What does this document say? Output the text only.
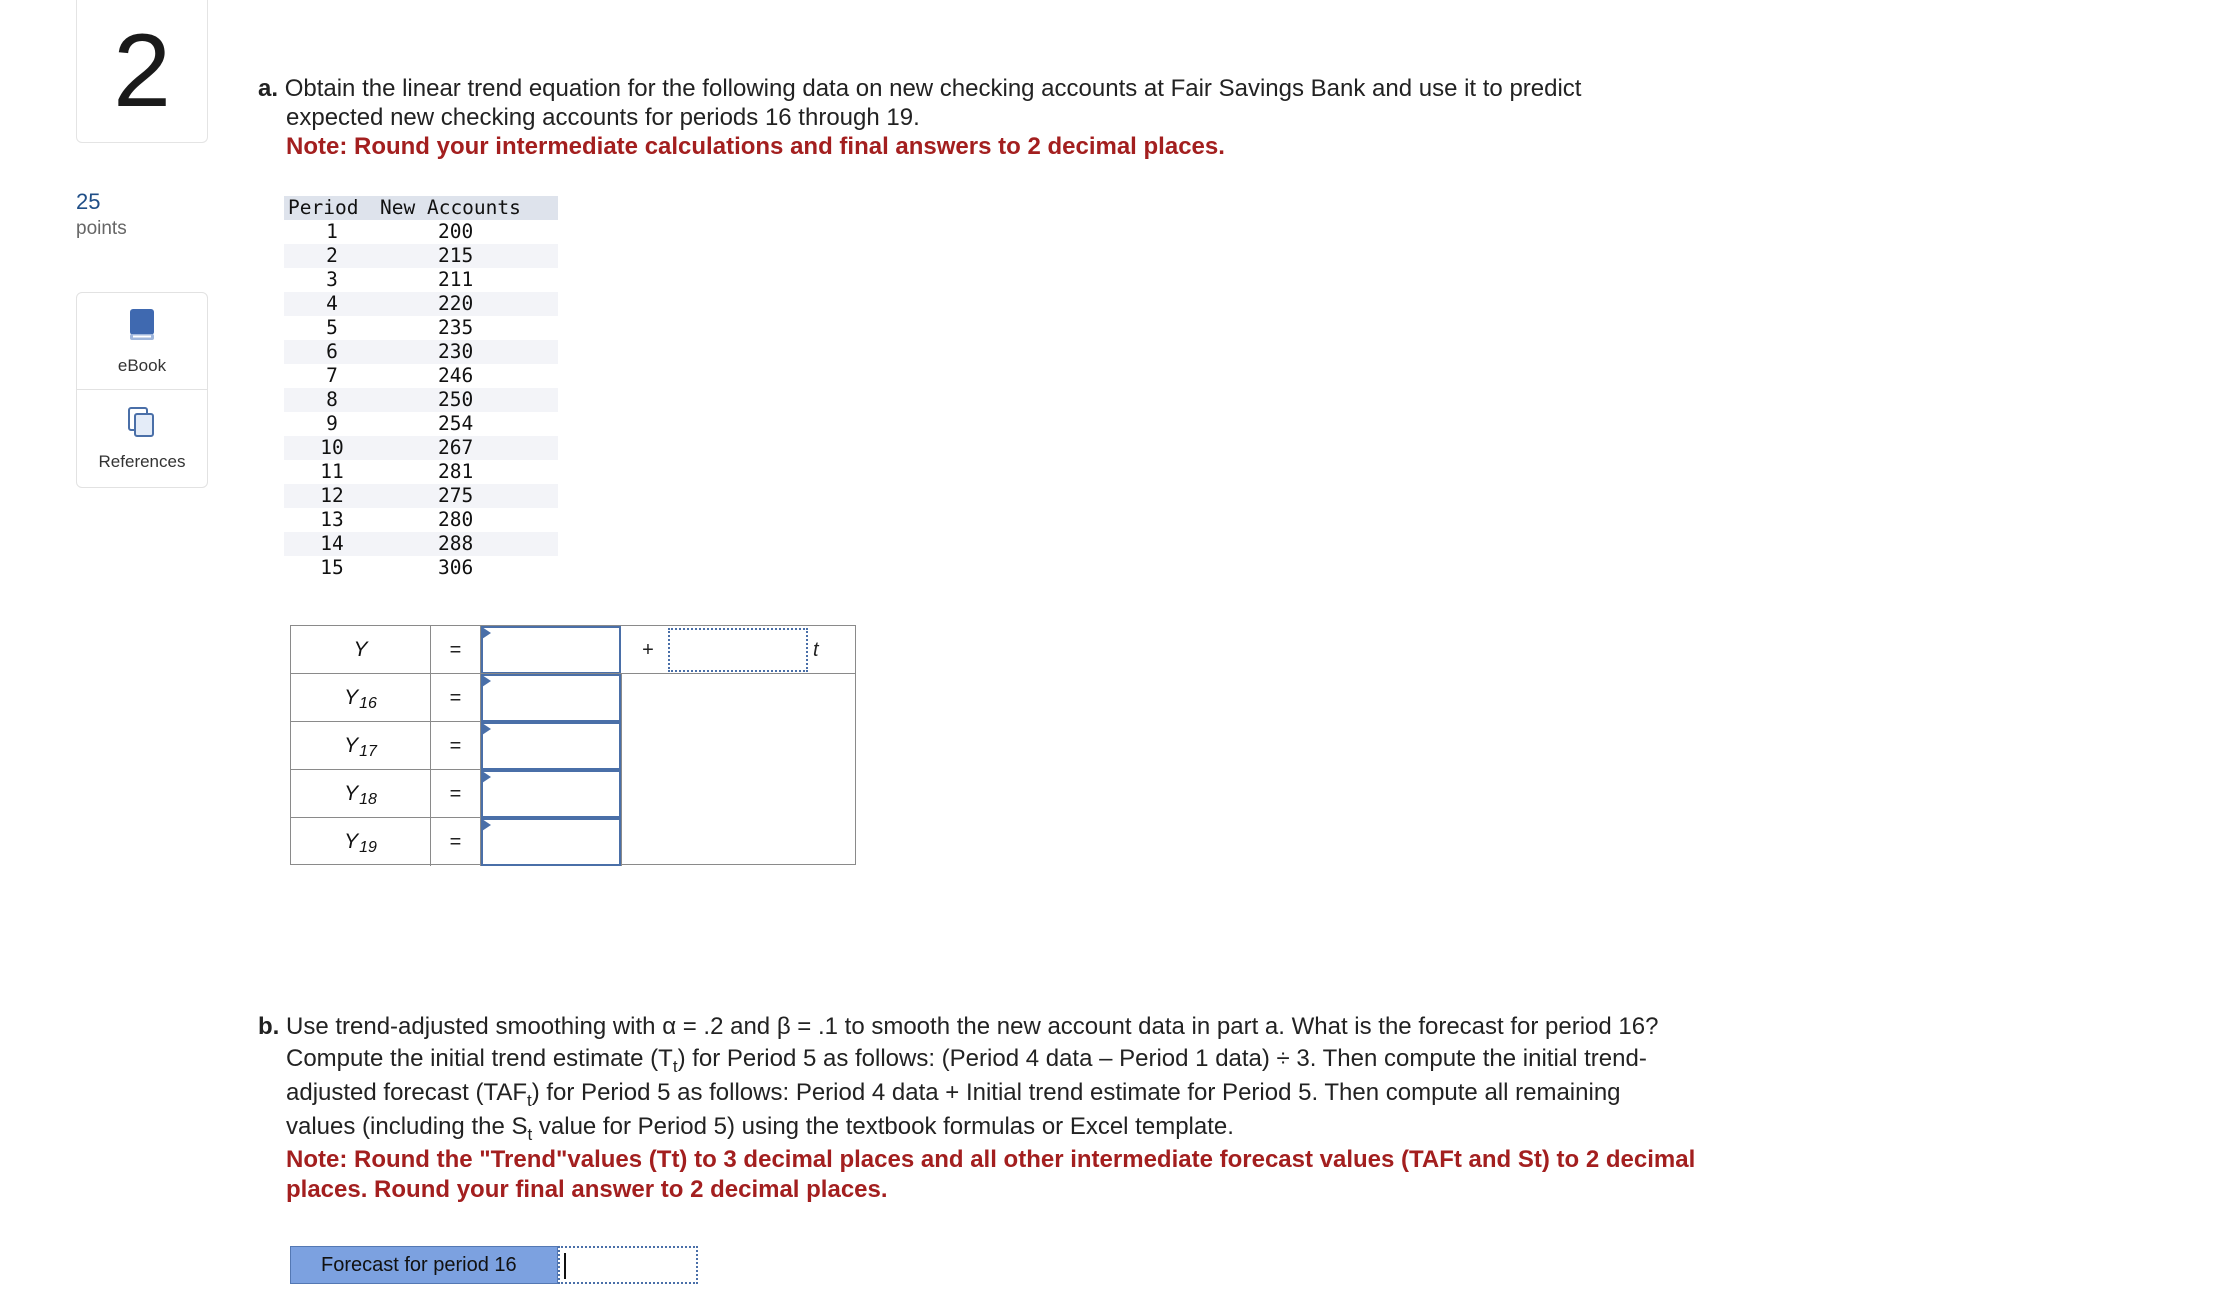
2
25
points
eBook
References
a. Obtain the linear trend equation for the following data on new checking accounts at Fair Savings Bank and use it to predict
expected new checking accounts for periods 16 through 19.
Note: Round your intermediate calculations and final answers to 2 decimal places.
Period	New Accounts
1	200
2	215
3	211
4	220
5	235
6	230
7	246
8	250
9	254
10	267
11	281
12	275
13	280
14	288
15	306
Y	=	+	t
Y 16	=
Y 17	=
Y 18	=
Y 19	=
b. Use trend-adjusted smoothing with α = .2 and β = .1 to smooth the new account data in part a. What is the forecast for period 16?
Compute the initial trend estimate $(T_t)$ for Period 5 as follows: (Period 4 data – Period 1 data) ÷ 3. Then compute the initial trend-
adjusted forecast $(TAF_t)$ for Period 5 as follows: Period 4 data + Initial trend estimate for Period 5. Then compute all remaining
values (including the $S_t$ value for Period 5) using the textbook formulas or Excel template.
Note: Round the "Trend"values (Tt) to 3 decimal places and all other intermediate forecast values (TAFt and St) to 2 decimal
places. Round your final answer to 2 decimal places.
Forecast for period 16
